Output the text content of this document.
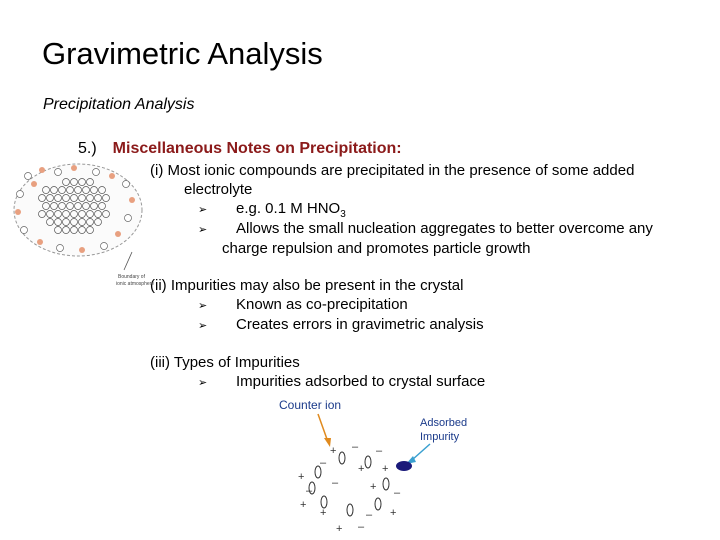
Gravimetric Analysis
Precipitation Analysis
5.) Miscellaneous Notes on Precipitation:
(i) Most ionic compounds are precipitated in the presence of some added
electrolyte
➢ e.g. 0.1 M $HNO_3$
➢ Allows the small nucleation aggregates to better overcome any
charge repulsion and promotes particle growth
(ii) Impurities may also be present in the crystal
➢ Known as co-precipitation
➢ Creates errors in gravimetric analysis
(iii) Types of Impurities
➢ Impurities adsorbed to crystal surface
Boundary of
ionic atmosphere
Counter ion
Adsorbed
Impurity
+ – –
–	+ +
+	–
–
+
+	– +
+ –
–	+
